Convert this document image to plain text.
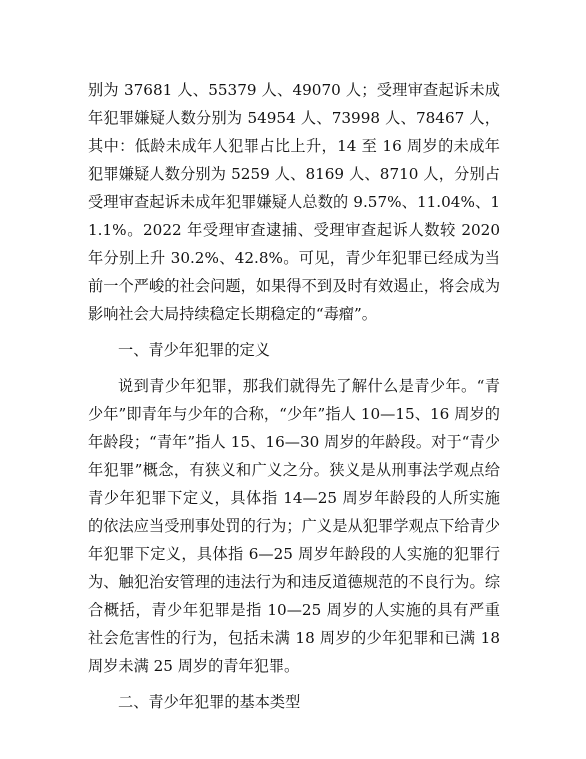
别为 37681 人、55379 人、49070 人；受理审查起诉未成年犯罪嫌疑人数分别为 54954 人、73998 人、78467 人，其中：低龄未成年人犯罪占比上升，14 至 16 周岁的未成年犯罪嫌疑人数分别为 5259 人、8169 人、8710 人，分别占受理审查起诉未成年犯罪嫌疑人总数的 9.57%、11.04%、11.1%。2022 年受理审查逮捕、受理审查起诉人数较 2020 年分别上升 30.2%、42.8%。可见，青少年犯罪已经成为当前一个严峻的社会问题，如果得不到及时有效遏止，将会成为影响社会大局持续稳定长期稳定的“毒瘤”。

一、青少年犯罪的定义

说到青少年犯罪，那我们就得先了解什么是青少年。“青少年”即青年与少年的合称，“少年”指人 10—15、16 周岁的年龄段；“青年”指人 15、16—30 周岁的年龄段。对于“青少年犯罪”概念，有狭义和广义之分。狭义是从刑事法学观点给青少年犯罪下定义，具体指 14—25 周岁年龄段的人所实施的依法应当受刑事处罚的行为；广义是从犯罪学观点下给青少年犯罪下定义，具体指 6—25 周岁年龄段的人实施的犯罪行为、触犯治安管理的违法行为和违反道德规范的不良行为。综合概括，青少年犯罪是指 10—25 周岁的人实施的具有严重社会危害性的行为，包括未满 18 周岁的少年犯罪和已满 18 周岁未满 25 周岁的青年犯罪。

二、青少年犯罪的基本类型
